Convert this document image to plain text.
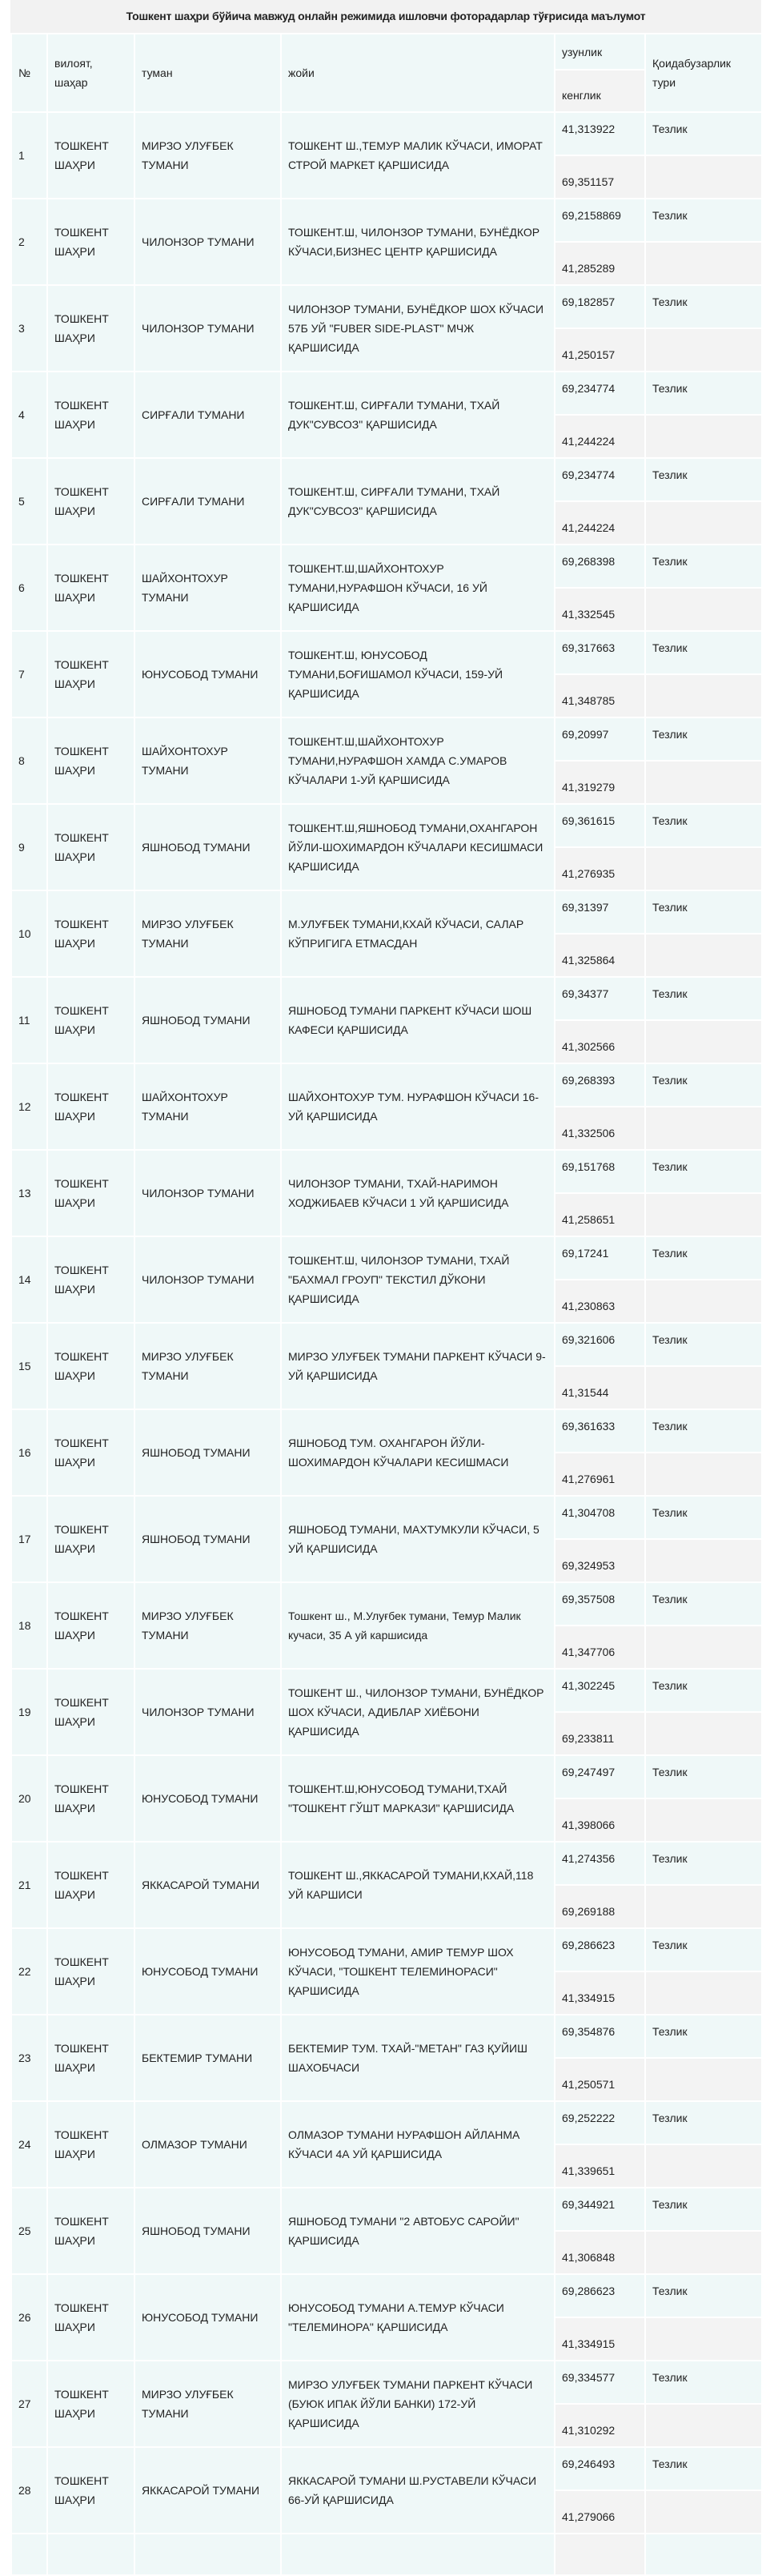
Тошкент шаҳри бўйича мавжуд онлайн режимида ишловчи фоторадарлар тўғрисида маълумот
№	вилоят, шаҳар	туман	жойи	узунлик	Қоидабузарлик тури
				кенглик	
1	ТОШКЕНТ ШАҲРИ	МИРЗО УЛУҒБЕК ТУМАНИ	ТОШКЕНТ Ш.,ТЕМУР МАЛИК КЎЧАСИ, ИМОРАТ СТРОЙ МАРКЕТ ҚАРШИСИДА	41,313922	Тезлик
				69,351157	
2	ТОШКЕНТ ШАҲРИ	ЧИЛОНЗОР ТУМАНИ	ТОШКЕНТ.Ш, ЧИЛОНЗОР ТУМАНИ, БУНЁДКОР КЎЧАСИ,БИЗНЕС ЦЕНТР ҚАРШИСИДА	69,2158869	Тезлик
				41,285289	
3	ТОШКЕНТ ШАҲРИ	ЧИЛОНЗОР ТУМАНИ	ЧИЛОНЗОР ТУМАНИ, БУНЁДКОР ШОХ КЎЧАСИ 57Б УЙ "FUBER SIDE-PLAST" МЧЖ ҚАРШИСИДА	69,182857	Тезлик
				41,250157	
4	ТОШКЕНТ ШАҲРИ	СИРҒАЛИ ТУМАНИ	ТОШКЕНТ.Ш, СИРҒАЛИ ТУМАНИ, ТХАЙ ДУК"СУВСОЗ" ҚАРШИСИДА	69,234774	Тезлик
				41,244224	
5	ТОШКЕНТ ШАҲРИ	СИРҒАЛИ ТУМАНИ	ТОШКЕНТ.Ш, СИРҒАЛИ ТУМАНИ, ТХАЙ ДУК"СУВСОЗ" ҚАРШИСИДА	69,234774	Тезлик
				41,244224	
6	ТОШКЕНТ ШАҲРИ	ШАЙХОНТОХУР ТУМАНИ	ТОШКЕНТ.Ш,ШАЙХОНТОХУР ТУМАНИ,НУРАФШОН КЎЧАСИ, 16 УЙ ҚАРШИСИДА	69,268398	Тезлик
				41,332545	
7	ТОШКЕНТ ШАҲРИ	ЮНУСОБОД ТУМАНИ	ТОШКЕНТ.Ш, ЮНУСОБОД ТУМАНИ,БОҒИШАМОЛ КЎЧАСИ, 159-УЙ ҚАРШИСИДА	69,317663	Тезлик
				41,348785	
8	ТОШКЕНТ ШАҲРИ	ШАЙХОНТОХУР ТУМАНИ	ТОШКЕНТ.Ш,ШАЙХОНТОХУР ТУМАНИ,НУРАФШОН ХАМДА С.УМАРОВ КЎЧАЛАРИ 1-УЙ ҚАРШИСИДА	69,20997	Тезлик
				41,319279	
9	ТОШКЕНТ ШАҲРИ	ЯШНОБОД ТУМАНИ	ТОШКЕНТ.Ш,ЯШНОБОД ТУМАНИ,ОХАНГАРОН ЙЎЛИ-ШОХИМАРДОН КЎЧАЛАРИ КЕСИШМАСИ ҚАРШИСИДА	69,361615	Тезлик
				41,276935	
10	ТОШКЕНТ ШАҲРИ	МИРЗО УЛУҒБЕК ТУМАНИ	М.УЛУҒБЕК ТУМАНИ,КХАЙ КЎЧАСИ, САЛАР КЎПРИГИГА ЕТМАСДАН	69,31397	Тезлик
				41,325864	
11	ТОШКЕНТ ШАҲРИ	ЯШНОБОД ТУМАНИ	ЯШНОБОД ТУМАНИ ПАРКЕНТ КЎЧАСИ ШОШ КАФЕСИ ҚАРШИСИДА	69,34377	Тезлик
				41,302566	
12	ТОШКЕНТ ШАҲРИ	ШАЙХОНТОХУР ТУМАНИ	ШАЙХОНТОХУР ТУМ. НУРАФШОН КЎЧАСИ 16-УЙ ҚАРШИСИДА	69,268393	Тезлик
				41,332506	
13	ТОШКЕНТ ШАҲРИ	ЧИЛОНЗОР ТУМАНИ	ЧИЛОНЗОР ТУМАНИ, ТХАЙ-НАРИМОН ХОДЖИБАЕВ КЎЧАСИ 1 УЙ ҚАРШИСИДА	69,151768	Тезлик
				41,258651	
14	ТОШКЕНТ ШАҲРИ	ЧИЛОНЗОР ТУМАНИ	ТОШКЕНТ.Ш, ЧИЛОНЗОР ТУМАНИ, ТХАЙ "БАХМАЛ ГРОУП" ТЕКСТИЛ ДЎКОНИ ҚАРШИСИДА	69,17241	Тезлик
				41,230863	
15	ТОШКЕНТ ШАҲРИ	МИРЗО УЛУҒБЕК ТУМАНИ	МИРЗО УЛУҒБЕК ТУМАНИ ПАРКЕНТ КЎЧАСИ 9-УЙ ҚАРШИСИДА	69,321606	Тезлик
				41,31544	
16	ТОШКЕНТ ШАҲРИ	ЯШНОБОД ТУМАНИ	ЯШНОБОД ТУМ. ОХАНГАРОН ЙЎЛИ-ШОХИМАРДОН КЎЧАЛАРИ КЕСИШМАСИ	69,361633	Тезлик
				41,276961	
17	ТОШКЕНТ ШАҲРИ	ЯШНОБОД ТУМАНИ	ЯШНОБОД ТУМАНИ, МАХТУМКУЛИ КЎЧАСИ, 5 УЙ ҚАРШИСИДА	41,304708	Тезлик
				69,324953	
18	ТОШКЕНТ ШАҲРИ	МИРЗО УЛУҒБЕК ТУМАНИ	Тошкент ш., М.Улуғбек тумани, Темур Малик кучаси, 35 А уй каршисида	69,357508	Тезлик
				41,347706	
19	ТОШКЕНТ ШАҲРИ	ЧИЛОНЗОР ТУМАНИ	ТОШКЕНТ Ш., ЧИЛОНЗОР ТУМАНИ, БУНЁДКОР ШОХ КЎЧАСИ, АДИБЛАР ХИЁБОНИ ҚАРШИСИДА	41,302245	Тезлик
				69,233811	
20	ТОШКЕНТ ШАҲРИ	ЮНУСОБОД ТУМАНИ	ТОШКЕНТ.Ш,ЮНУСОБОД ТУМАНИ,ТХАЙ "ТОШКЕНТ ГЎШТ МАРКАЗИ" ҚАРШИСИДА	69,247497	Тезлик
				41,398066	
21	ТОШКЕНТ ШАҲРИ	ЯККАСАРОЙ ТУМАНИ	ТОШКЕНТ Ш.,ЯККАСАРОЙ ТУМАНИ,КХАЙ,118 УЙ КАРШИСИ	41,274356	Тезлик
				69,269188	
22	ТОШКЕНТ ШАҲРИ	ЮНУСОБОД ТУМАНИ	ЮНУСОБОД ТУМАНИ, АМИР ТЕМУР ШОХ КЎЧАСИ, "ТОШКЕНТ ТЕЛЕМИНОРАСИ" ҚАРШИСИДА	69,286623	Тезлик
				41,334915	
23	ТОШКЕНТ ШАҲРИ	БЕКТЕМИР ТУМАНИ	БЕКТЕМИР ТУМ. ТХАЙ-"МЕТАН" ГАЗ ҚУЙИШ ШАХОБЧАСИ	69,354876	Тезлик
				41,250571	
24	ТОШКЕНТ ШАҲРИ	ОЛМАЗОР ТУМАНИ	ОЛМАЗОР ТУМАНИ НУРАФШОН АЙЛАНМА КЎЧАСИ 4А УЙ ҚАРШИСИДА	69,252222	Тезлик
				41,339651	
25	ТОШКЕНТ ШАҲРИ	ЯШНОБОД ТУМАНИ	ЯШНОБОД ТУМАНИ "2 АВТОБУС САРОЙИ" ҚАРШИСИДА	69,344921	Тезлик
				41,306848	
26	ТОШКЕНТ ШАҲРИ	ЮНУСОБОД ТУМАНИ	ЮНУСОБОД ТУМАНИ А.ТЕМУР КЎЧАСИ "ТЕЛЕМИНОРА" ҚАРШИСИДА	69,286623	Тезлик
				41,334915	
27	ТОШКЕНТ ШАҲРИ	МИРЗО УЛУҒБЕК ТУМАНИ	МИРЗО УЛУҒБЕК ТУМАНИ ПАРКЕНТ КЎЧАСИ (БУЮК ИПАК ЙЎЛИ БАНКИ) 172-УЙ ҚАРШИСИДА	69,334577	Тезлик
				41,310292	
28	ТОШКЕНТ ШАҲРИ	ЯККАСАРОЙ ТУМАНИ	ЯККАСАРОЙ ТУМАНИ Ш.РУСТАВЕЛИ КЎЧАСИ 66-УЙ ҚАРШИСИДА	69,246493	Тезлик
				41,279066	
